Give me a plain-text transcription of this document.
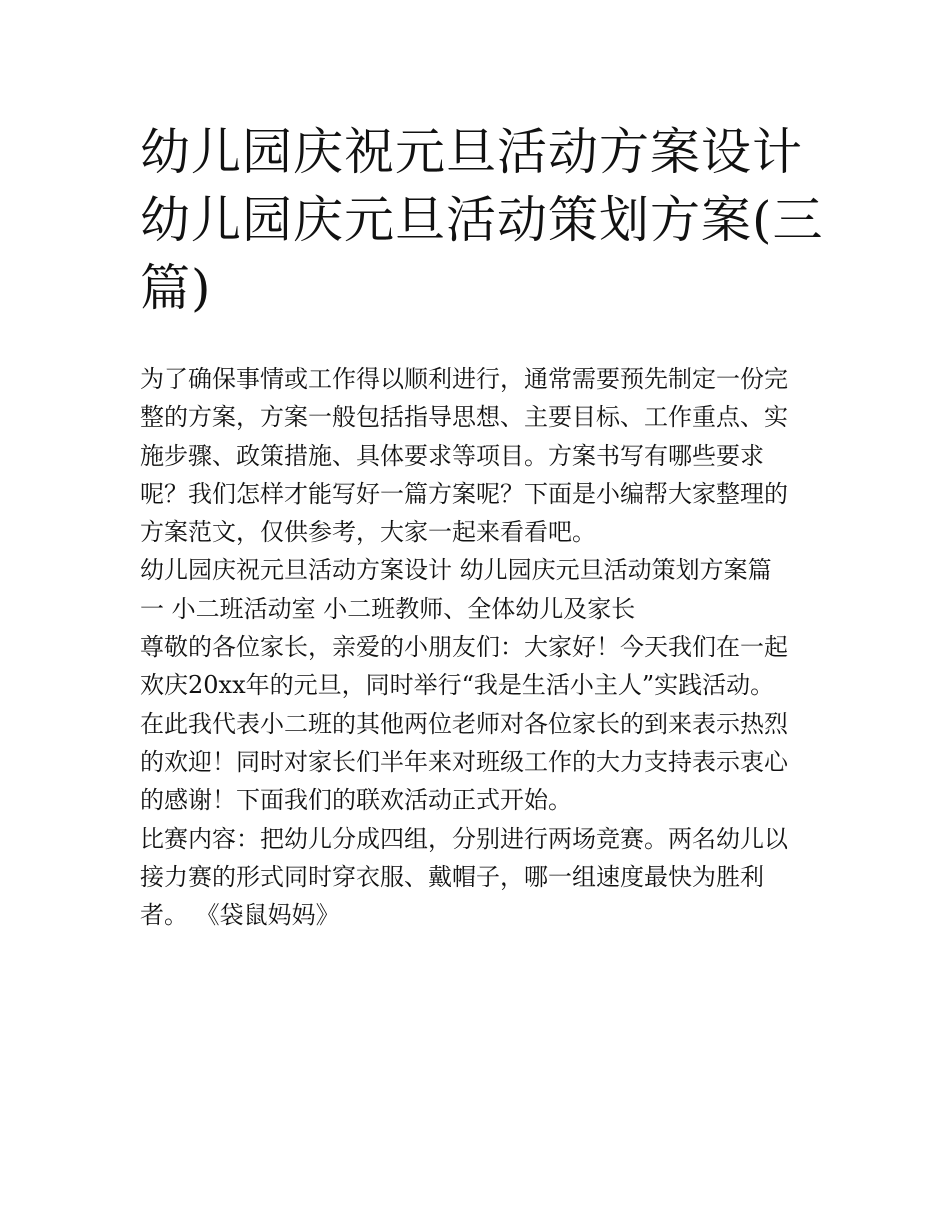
幼儿园庆祝元旦活动方案设计
幼儿园庆元旦活动策划方案(三
篇)
为了确保事情或工作得以顺利进行，通常需要预先制定一份完
整的方案，方案一般包括指导思想、主要目标、工作重点、实
施步骤、政策措施、具体要求等项目。方案书写有哪些要求
呢？我们怎样才能写好一篇方案呢？下面是小编帮大家整理的
方案范文，仅供参考，大家一起来看看吧。
幼儿园庆祝元旦活动方案设计 幼儿园庆元旦活动策划方案篇
一 小二班活动室 小二班教师、全体幼儿及家长
尊敬的各位家长，亲爱的小朋友们：大家好！今天我们在一起
欢庆20xx年的元旦，同时举行“我是生活小主人”实践活动。
在此我代表小二班的其他两位老师对各位家长的到来表示热烈
的欢迎！同时对家长们半年来对班级工作的大力支持表示衷心
的感谢！下面我们的联欢活动正式开始。
比赛内容：把幼儿分成四组，分别进行两场竞赛。两名幼儿以
接力赛的形式同时穿衣服、戴帽子，哪一组速度最快为胜利
者。 《袋鼠妈妈》
